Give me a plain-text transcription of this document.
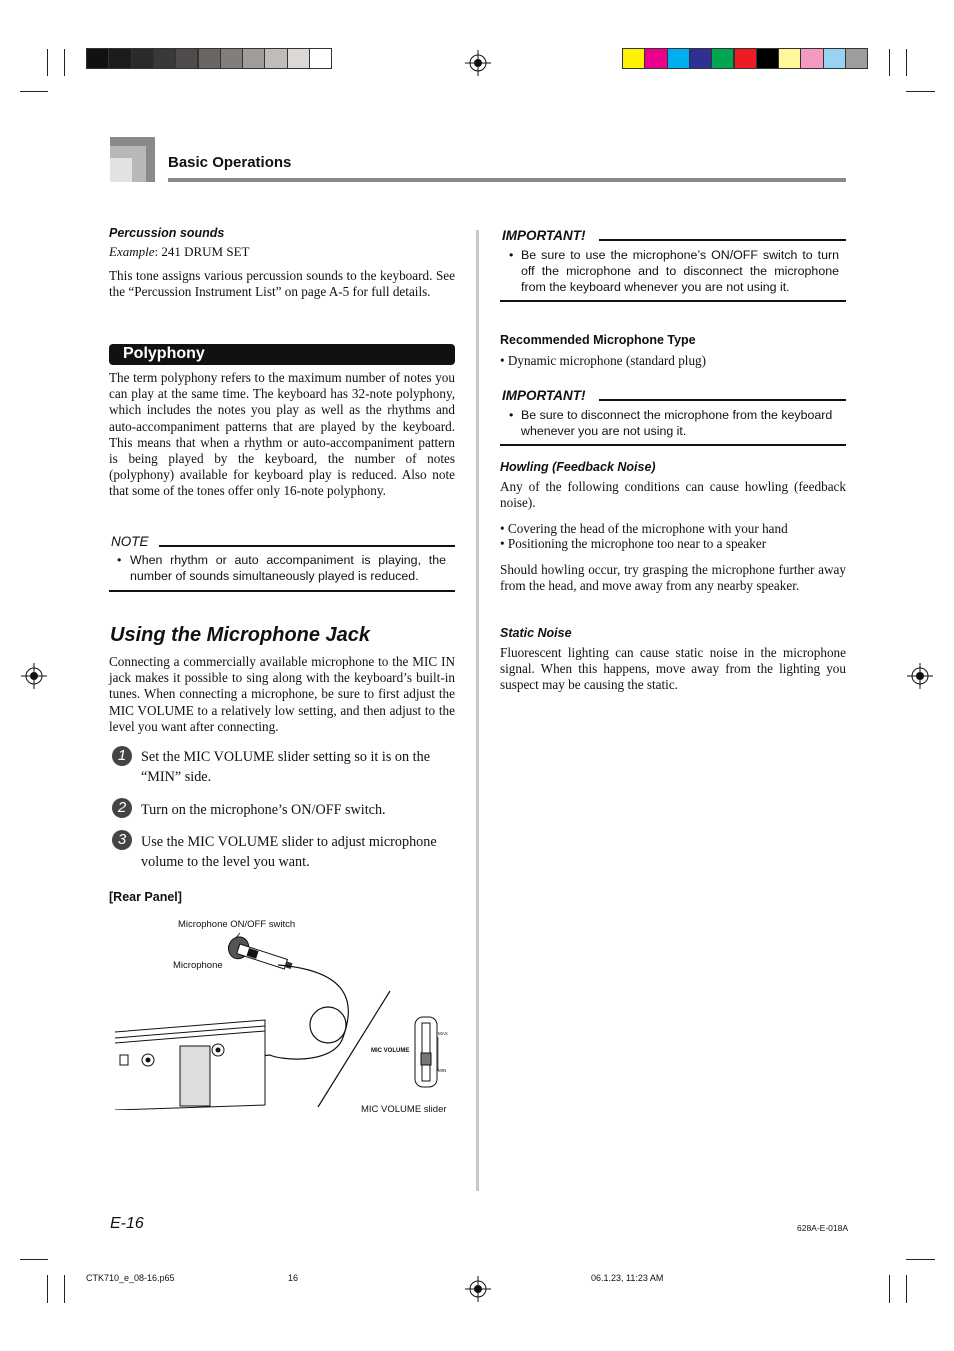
Basic Operations
Percussion sounds
Example: 241 DRUM SET
This tone assigns various percussion sounds to the keyboard. See the “Percussion Instrument List” on page A-5 for full details.
Polyphony
The term polyphony refers to the maximum number of notes you can play at the same time. The keyboard has 32-note polyphony, which includes the notes you play as well as the rhythms and auto-accompaniment patterns that are played by the keyboard. This means that when a rhythm or auto-accompaniment pattern is being played by the keyboard, the number of notes (polyphony) available for keyboard play is reduced. Also note that some of the tones offer only 16-note polyphony.
NOTE
• When rhythm or auto accompaniment is playing, the number of sounds simultaneously played is reduced.
Using the Microphone Jack
Connecting a commercially available microphone to the MIC IN jack makes it possible to sing along with the keyboard’s built-in tunes. When connecting a microphone, be sure to first adjust the MIC VOLUME to a relatively low setting, and then adjust to the level you want after connecting.
1	Set the MIC VOLUME slider setting so it is on the “MIN” side.
2	Turn on the microphone’s ON/OFF switch.
3	Use the MIC VOLUME slider to adjust microphone volume to the level you want.
[Rear Panel]
Microphone ON/OFF switch
Microphone
MIC VOLUME slider
MIC VOLUME
MAX
MIN
IMPORTANT!
• Be sure to use the microphone’s ON/OFF switch to turn off the microphone and to disconnect the microphone from the keyboard whenever you are not using it.
Recommended Microphone Type
• Dynamic microphone (standard plug)
IMPORTANT!
• Be sure to disconnect the microphone from the keyboard whenever you are not using it.
Howling (Feedback Noise)
Any of the following conditions can cause howling (feedback noise).
• Covering the head of the microphone with your hand
• Positioning the microphone too near to a speaker
Should howling occur, try grasping the microphone further away from the head, and move away from any nearby speaker.
Static Noise
Fluorescent lighting can cause static noise in the microphone signal. When this happens, move away from the lighting you suspect may be causing the static.
E-16	628A-E-018A
CTK710_e_08-16.p65	16	06.1.23, 11:23 AM
